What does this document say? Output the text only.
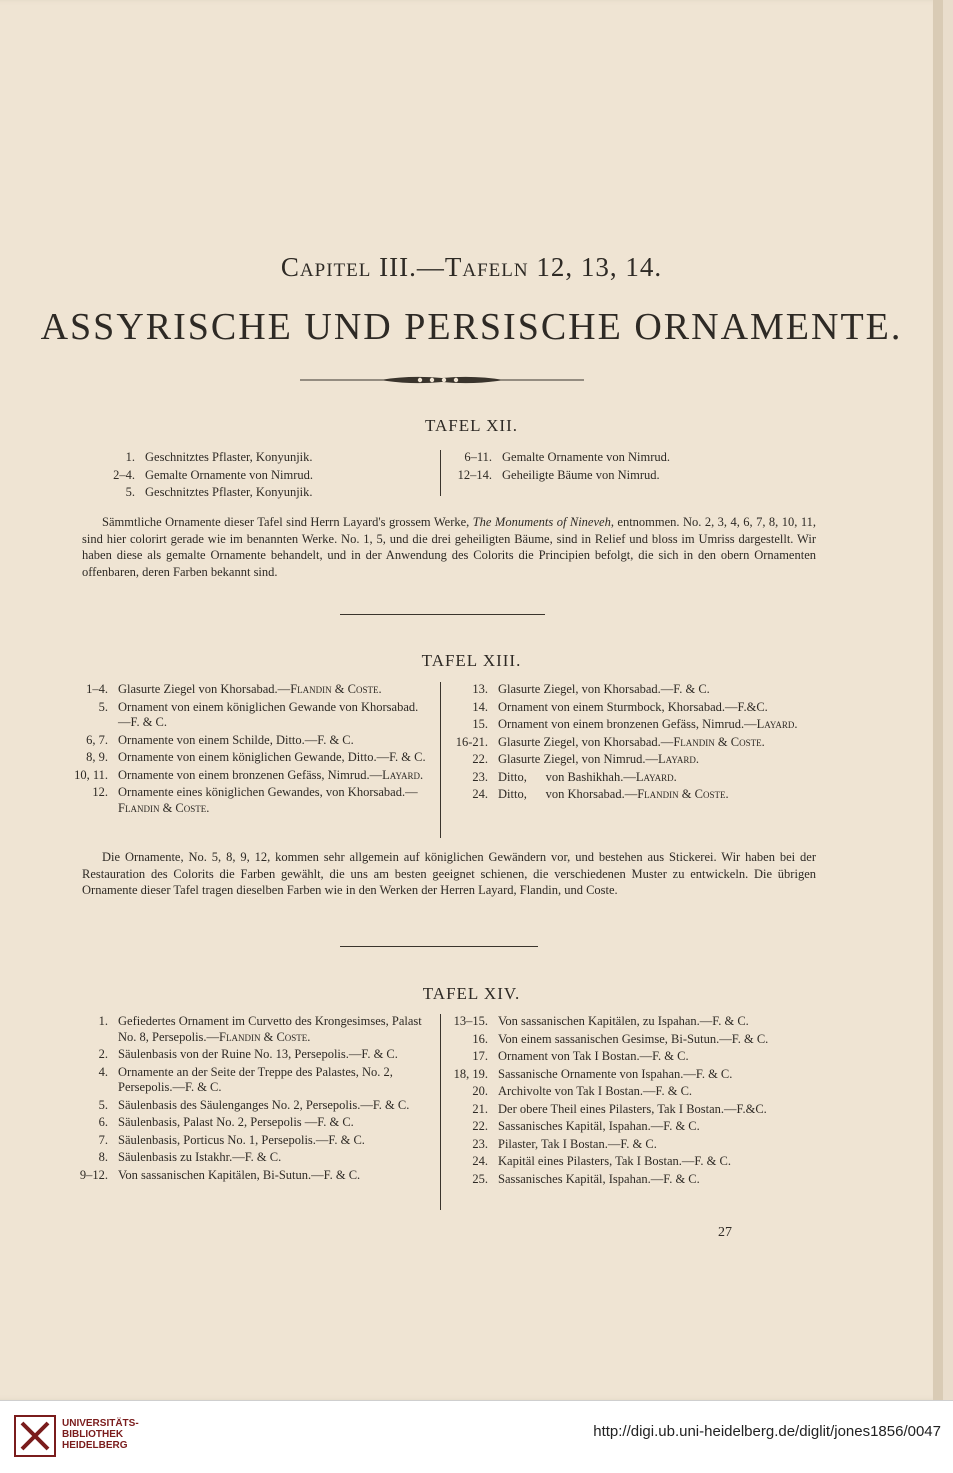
Capitel III.—Tafeln 12, 13, 14.
ASSYRISCHE UND PERSISCHE ORNAMENTE.
TAFEL XII.
1. Geschnitztes Pflaster, Konyunjik.
2–4. Gemalte Ornamente von Nimrud.
5. Geschnitztes Pflaster, Konyunjik.
6–11. Gemalte Ornamente von Nimrud.
12–14. Geheiligte Bäume von Nimrud.

Sämmtliche Ornamente dieser Tafel sind Herrn Layard's grossem Werke, The Monuments of Nineveh, entnommen. No. 2, 3, 4, 6, 7, 8, 10, 11, sind hier colorirt gerade wie im benannten Werke. No. 1, 5, und die drei geheiligten Bäume, sind in Relief und bloss im Umriss dargestellt. Wir haben diese als gemalte Ornamente behandelt, und in der Anwendung des Colorits die Principien befolgt, die sich in den obern Ornamenten offenbaren, deren Farben bekannt sind.

TAFEL XIII.
1–4. Glasurte Ziegel von Khorsabad.—Flandin & Coste.
5. Ornament von einem königlichen Gewande von Khorsabad.—F. & C.
6, 7. Ornamente von einem Schilde, Ditto.—F. & C.
8, 9. Ornamente von einem königlichen Gewande, Ditto.—F. & C.
10, 11. Ornamente von einem bronzenen Gefäss, Nimrud.—Layard.
12. Ornamente eines königlichen Gewandes, von Khorsabad.—Flandin & Coste.
13. Glasurte Ziegel, von Khorsabad.—F. & C.
14. Ornament von einem Sturmbock, Khorsabad.—F.&C.
15. Ornament von einem bronzenen Gefäss, Nimrud.—Layard.
16-21. Glasurte Ziegel, von Khorsabad.—Flandin & Coste.
22. Glasurte Ziegel, von Nimrud.—Layard.
23. Ditto,      von Bashikhah.—Layard.
24. Ditto,      von Khorsabad.—Flandin & Coste.

Die Ornamente, No. 5, 8, 9, 12, kommen sehr allgemein auf königlichen Gewändern vor, und bestehen aus Stickerei. Wir haben bei der Restauration des Colorits die Farben gewählt, die uns am besten geeignet schienen, die verschiedenen Muster zu entwickeln. Die übrigen Ornamente dieser Tafel tragen dieselben Farben wie in den Werken der Herren Layard, Flandin, und Coste.

TAFEL XIV.
1. Gefiedertes Ornament im Curvetto des Krongesimses, Palast No. 8, Persepolis.—Flandin & Coste.
2. Säulenbasis von der Ruine No. 13, Persepolis.—F. & C.
4. Ornamente an der Seite der Treppe des Palastes, No. 2, Persepolis.—F. & C.
5. Säulenbasis des Säulenganges No. 2, Persepolis.—F. & C.
6. Säulenbasis, Palast No. 2, Persepolis —F. & C.
7. Säulenbasis, Porticus No. 1, Persepolis.—F. & C.
8. Säulenbasis zu Istakhr.—F. & C.
9–12. Von sassanischen Kapitälen, Bi-Sutun.—F. & C.
13–15. Von sassanischen Kapitälen, zu Ispahan.—F. & C.
16. Von einem sassanischen Gesimse, Bi-Sutun.—F. & C.
17. Ornament von Tak I Bostan.—F. & C.
18, 19. Sassanische Ornamente von Ispahan.—F. & C.
20. Archivolte von Tak I Bostan.—F. & C.
21. Der obere Theil eines Pilasters, Tak I Bostan.—F.&C.
22. Sassanisches Kapitäl, Ispahan.—F. & C.
23. Pilaster, Tak I Bostan.—F. & C.
24. Kapitäl eines Pilasters, Tak I Bostan.—F. & C.
25. Sassanisches Kapitäl, Ispahan.—F. & C.
27
UNIVERSITÄTS-
BIBLIOTHEK
HEIDELBERG
http://digi.ub.uni-heidelberg.de/diglit/jones1856/0047
